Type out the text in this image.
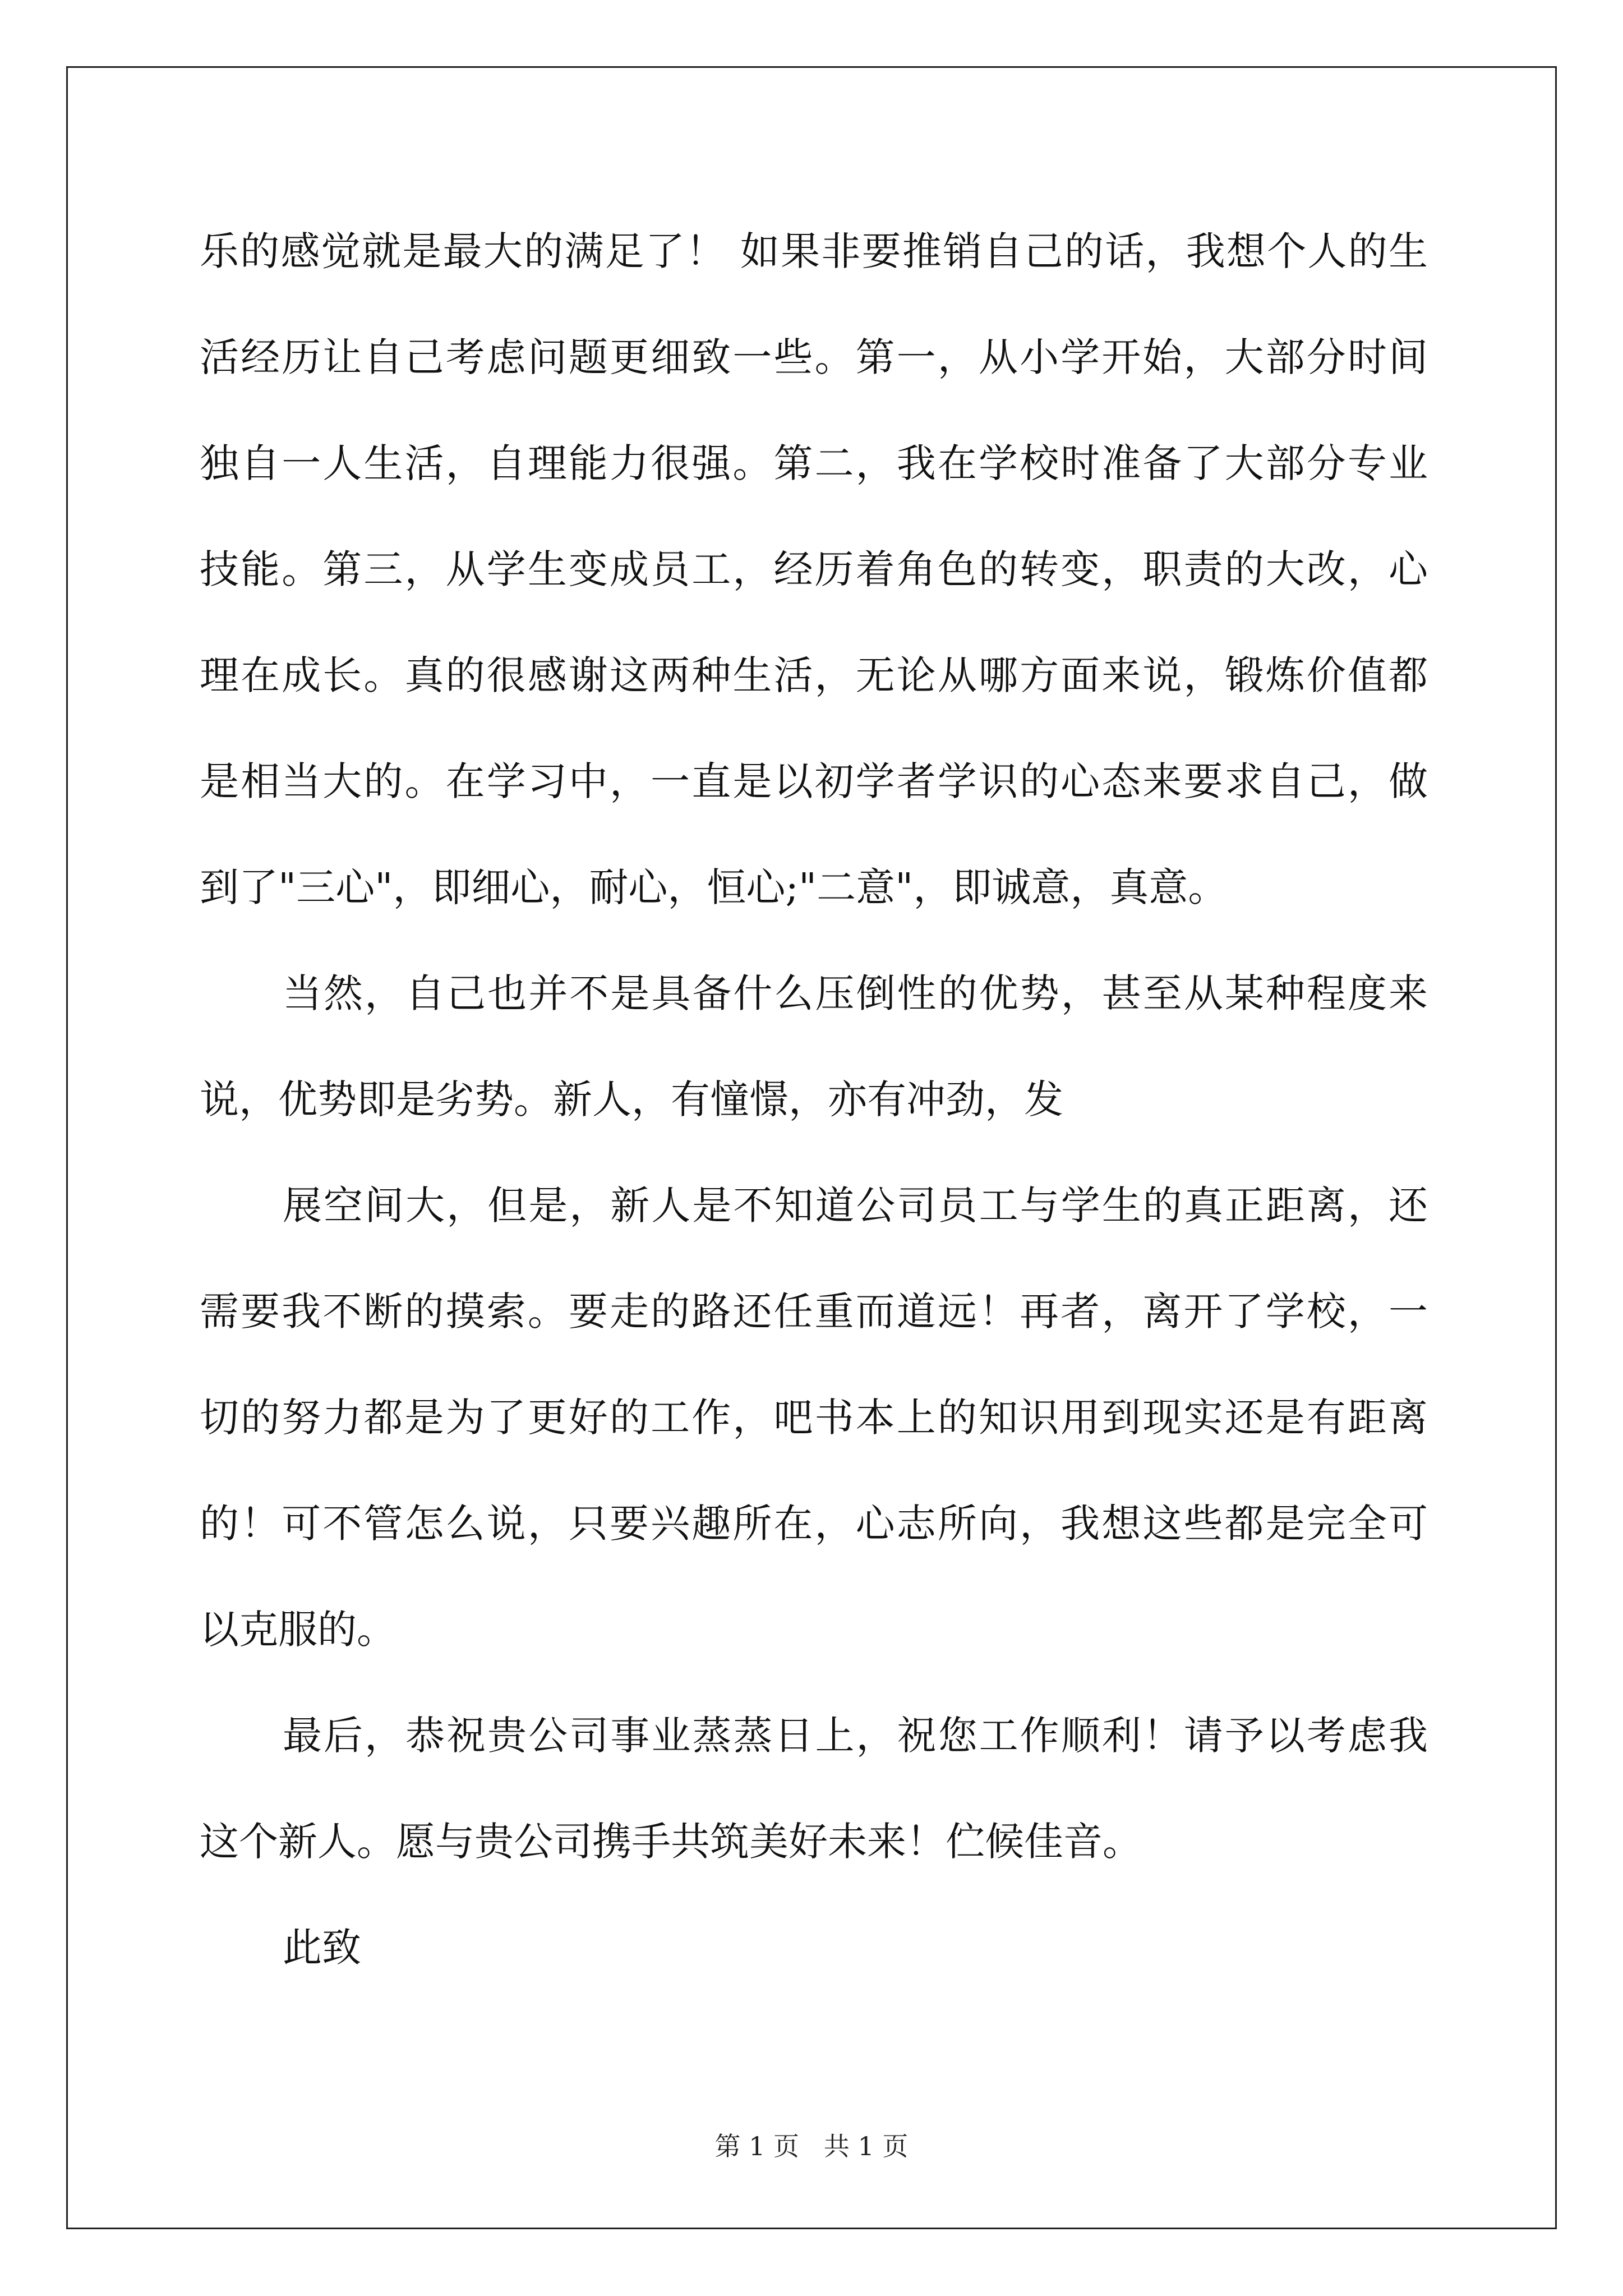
乐的感觉就是最大的满足了！ 如果非要推销自己的话，我想个人的生
活经历让自己考虑问题更细致一些。第一，从小学开始，大部分时间
独自一人生活，自理能力很强。第二，我在学校时准备了大部分专业
技能。第三，从学生变成员工，经历着角色的转变，职责的大改，心
理在成长。真的很感谢这两种生活，无论从哪方面来说，锻炼价值都
是相当大的。在学习中，一直是以初学者学识的心态来要求自己，做
到了"三心"，即细心，耐心，恒心;"二意"，即诚意，真意。
当然，自己也并不是具备什么压倒性的优势，甚至从某种程度来
说，优势即是劣势。新人，有憧憬，亦有冲劲，发
展空间大，但是，新人是不知道公司员工与学生的真正距离，还
需要我不断的摸索。要走的路还任重而道远！再者，离开了学校，一
切的努力都是为了更好的工作，吧书本上的知识用到现实还是有距离
的！可不管怎么说，只要兴趣所在，心志所向，我想这些都是完全可
以克服的。
最后，恭祝贵公司事业蒸蒸日上，祝您工作顺利！请予以考虑我
这个新人。愿与贵公司携手共筑美好未来！伫候佳音。
此致
第 1 页   共 1 页
